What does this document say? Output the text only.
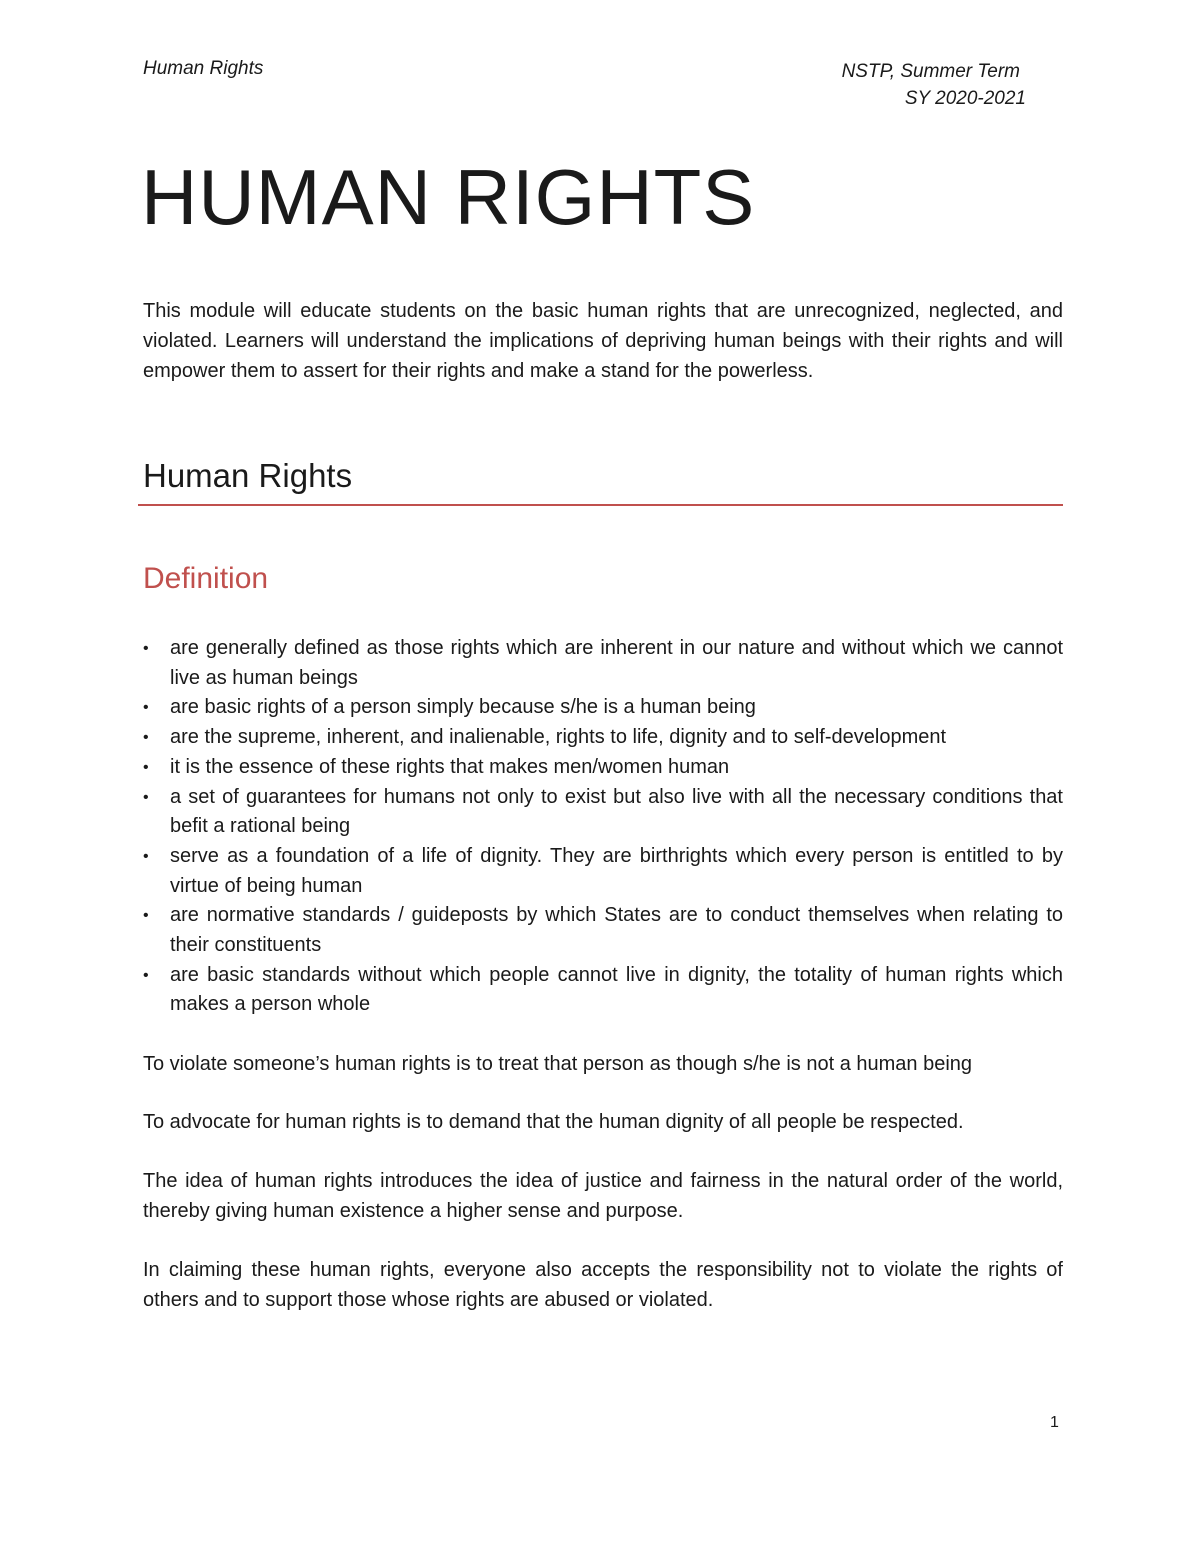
Human Rights	NSTP, Summer Term
SY 2020-2021
HUMAN RIGHTS

This module will educate students on the basic human rights that are unrecognized, neglected, and violated. Learners will understand the implications of depriving human beings with their rights and will empower them to assert for their rights and make a stand for the powerless.

Human Rights
Definition
• are generally defined as those rights which are inherent in our nature and without which we cannot live as human beings
• are basic rights of a person simply because s/he is a human being
• are the supreme, inherent, and inalienable, rights to life, dignity and to self-development
• it is the essence of these rights that makes men/women human
• a set of guarantees for humans not only to exist but also live with all the necessary conditions that befit a rational being
• serve as a foundation of a life of dignity. They are birthrights which every person is entitled to by virtue of being human
• are normative standards / guideposts by which States are to conduct themselves when relating to their constituents
• are basic standards without which people cannot live in dignity, the totality of human rights which makes a person whole

To violate someone’s human rights is to treat that person as though s/he is not a human being

To advocate for human rights is to demand that the human dignity of all people be respected.

The idea of human rights introduces the idea of justice and fairness in the natural order of the world, thereby giving human existence a higher sense and purpose.

In claiming these human rights, everyone also accepts the responsibility not to violate the rights of others and to support those whose rights are abused or violated.

1
